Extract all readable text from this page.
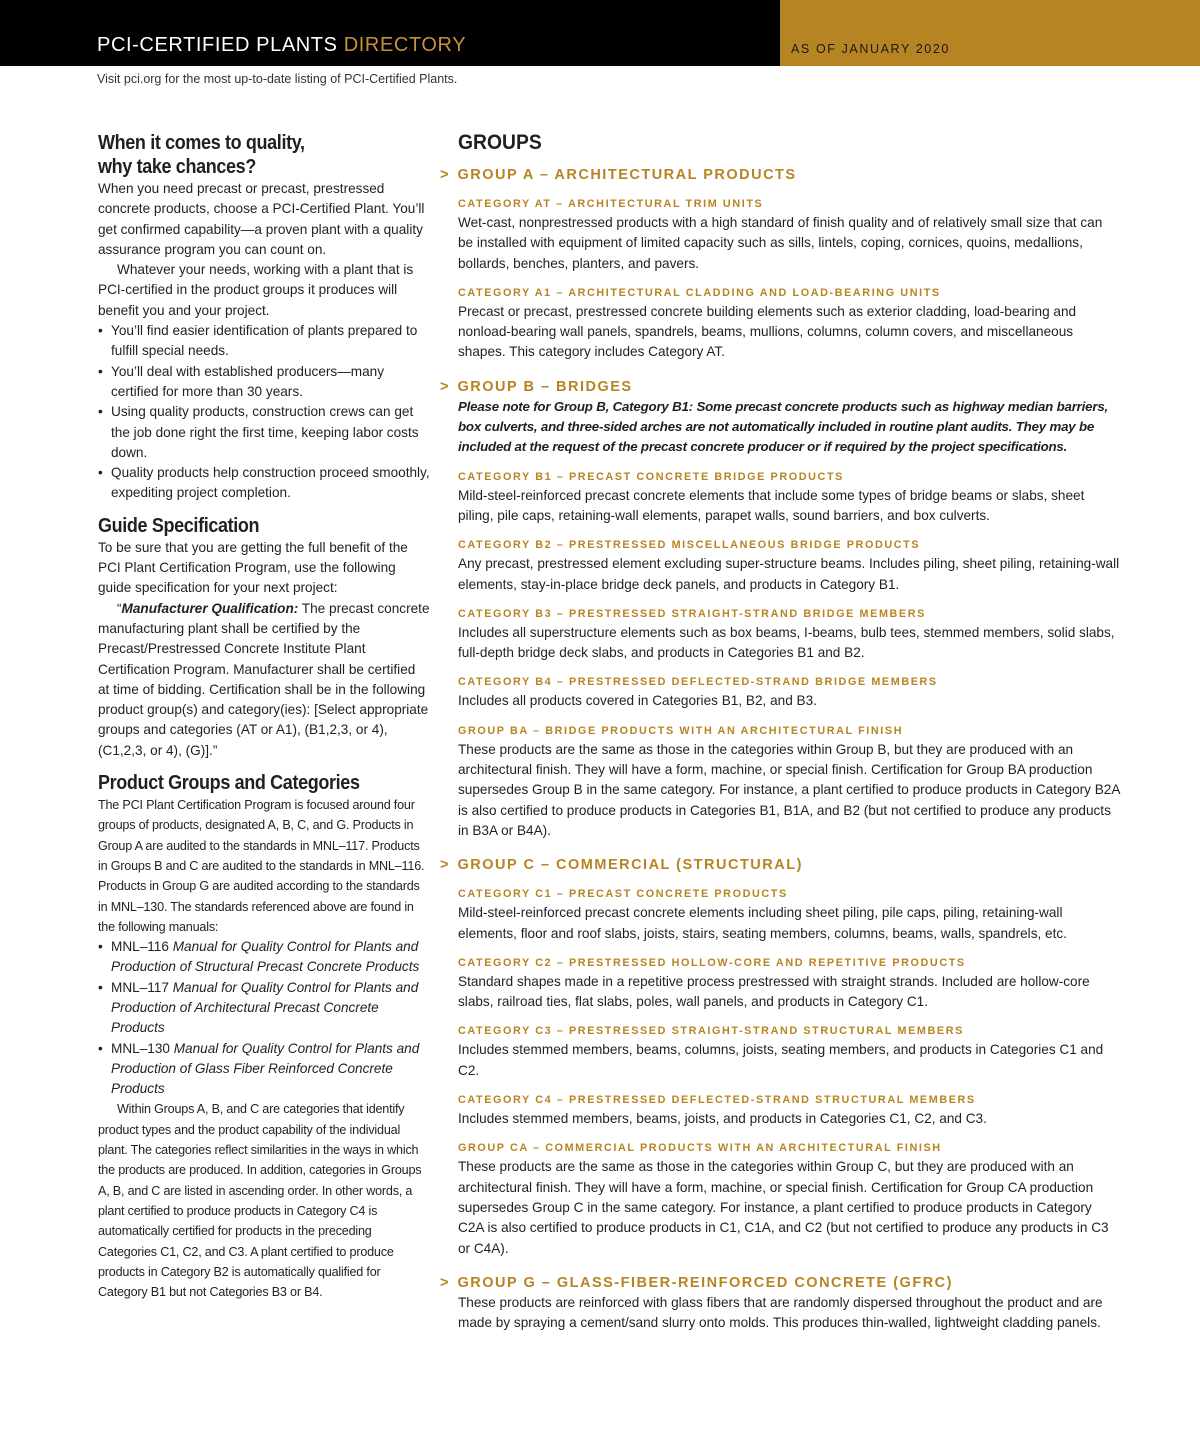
PCI-CERTIFIED PLANTS DIRECTORY	AS OF JANUARY 2020
Visit pci.org for the most up-to-date listing of PCI-Certified Plants.
When it comes to quality,
why take chances?

When you need precast or precast, prestressed concrete products, choose a PCI-Certified Plant. You’ll get confirmed capability—a proven plant with a quality assurance program you can count on.

Whatever your needs, working with a plant that is PCI-certified in the product groups it produces will benefit you and your project.

• You’ll find easier identification of plants prepared to fulfill special needs.
• You’ll deal with established producers—many certified for more than 30 years.
• Using quality products, construction crews can get the job done right the first time, keeping labor costs down.
• Quality products help construction proceed smoothly, expediting project completion.
Guide Specification

To be sure that you are getting the full benefit of the PCI Plant Certification Program, use the following guide specification for your next project:

“Manufacturer Qualification: The precast concrete manufacturing plant shall be certified by the Precast/Prestressed Concrete Institute Plant Certification Program. Manufacturer shall be certified at time of bidding. Certification shall be in the following product group(s) and category(ies): [Select appropriate groups and categories (AT or A1), (B1,2,3, or 4), (C1,2,3, or 4), (G)].”

Product Groups and Categories

The PCI Plant Certification Program is focused around four groups of products, designated A, B, C, and G. Products in Group A are audited to the standards in MNL–117. Products in Groups B and C are audited to the standards in MNL–116. Products in Group G are audited according to the standards in MNL–130. The standards referenced above are found in the following manuals:

• MNL–116 Manual for Quality Control for Plants and Production of Structural Precast Concrete Products
• MNL–117 Manual for Quality Control for Plants and Production of Architectural Precast Concrete Products
• MNL–130 Manual for Quality Control for Plants and Production of Glass Fiber Reinforced Concrete Products

Within Groups A, B, and C are categories that identify product types and the product capability of the individual plant. The categories reflect similarities in the ways in which the products are produced. In addition, categories in Groups A, B, and C are listed in ascending order. In other words, a plant certified to produce products in Category C4 is automatically certified for products in the preceding Categories C1, C2, and C3. A plant certified to produce products in Category B2 is automatically qualified for Category B1 but not Categories B3 or B4.

GROUPS
> GROUP A – ARCHITECTURAL PRODUCTS
CATEGORY AT – ARCHITECTURAL TRIM UNITS

Wet-cast, nonprestressed products with a high standard of finish quality and of relatively small size that can be installed with equipment of limited capacity such as sills, lintels, coping, cornices, quoins, medallions, bollards, benches, planters, and pavers.

CATEGORY A1 – ARCHITECTURAL CLADDING AND LOAD-BEARING UNITS

Precast or precast, prestressed concrete building elements such as exterior cladding, load-bearing and nonload-bearing wall panels, spandrels, beams, mullions, columns, column covers, and miscellaneous shapes. This category includes Category AT.

> GROUP B – BRIDGES

Please note for Group B, Category B1: Some precast concrete products such as highway median barriers, box culverts, and three-sided arches are not automatically included in routine plant audits. They may be included at the request of the precast concrete producer or if required by the project specifications.

CATEGORY B1 – PRECAST CONCRETE BRIDGE PRODUCTS

Mild-steel-reinforced precast concrete elements that include some types of bridge beams or slabs, sheet piling, pile caps, retaining-wall elements, parapet walls, sound barriers, and box culverts.

CATEGORY B2 – PRESTRESSED MISCELLANEOUS BRIDGE PRODUCTS

Any precast, prestressed element excluding super-structure beams. Includes piling, sheet piling, retaining-wall elements, stay-in-place bridge deck panels, and products in Category B1.

CATEGORY B3 – PRESTRESSED STRAIGHT-STRAND BRIDGE MEMBERS

Includes all superstructure elements such as box beams, I-beams, bulb tees, stemmed members, solid slabs, full-depth bridge deck slabs, and products in Categories B1 and B2.

CATEGORY B4 – PRESTRESSED DEFLECTED-STRAND BRIDGE MEMBERS

Includes all products covered in Categories B1, B2, and B3.

GROUP BA – BRIDGE PRODUCTS WITH AN ARCHITECTURAL FINISH

These products are the same as those in the categories within Group B, but they are produced with an architectural finish. They will have a form, machine, or special finish. Certification for Group BA production supersedes Group B in the same category. For instance, a plant certified to produce products in Category B2A is also certified to produce products in Categories B1, B1A, and B2 (but not certified to produce any products in B3A or B4A).

> GROUP C – COMMERCIAL (STRUCTURAL)
CATEGORY C1 – PRECAST CONCRETE PRODUCTS

Mild-steel-reinforced precast concrete elements including sheet piling, pile caps, piling, retaining-wall elements, floor and roof slabs, joists, stairs, seating members, columns, beams, walls, spandrels, etc.

CATEGORY C2 – PRESTRESSED HOLLOW-CORE AND REPETITIVE PRODUCTS

Standard shapes made in a repetitive process prestressed with straight strands. Included are hollow-core slabs, railroad ties, flat slabs, poles, wall panels, and products in Category C1.

CATEGORY C3 – PRESTRESSED STRAIGHT-STRAND STRUCTURAL MEMBERS

Includes stemmed members, beams, columns, joists, seating members, and products in Categories C1 and C2.

CATEGORY C4 – PRESTRESSED DEFLECTED-STRAND STRUCTURAL MEMBERS

Includes stemmed members, beams, joists, and products in Categories C1, C2, and C3.

GROUP CA – COMMERCIAL PRODUCTS WITH AN ARCHITECTURAL FINISH

These products are the same as those in the categories within Group C, but they are produced with an architectural finish. They will have a form, machine, or special finish. Certification for Group CA production supersedes Group C in the same category. For instance, a plant certified to produce products in Category C2A is also certified to produce products in C1, C1A, and C2 (but not certified to produce any products in C3 or C4A).

> GROUP G – GLASS-FIBER-REINFORCED CONCRETE (GFRC)

These products are reinforced with glass fibers that are randomly dispersed throughout the product and are made by spraying a cement/sand slurry onto molds. This produces thin-walled, lightweight cladding panels.
